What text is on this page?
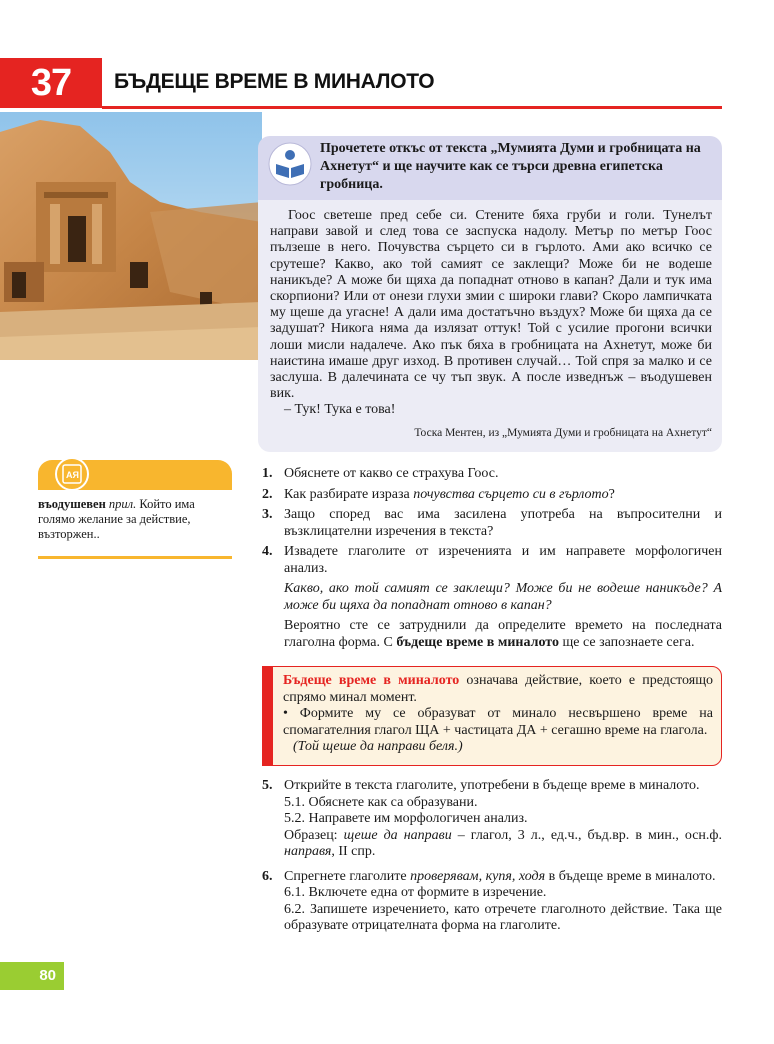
37	БЪДЕЩЕ ВРЕМЕ В МИНАЛОТО
Прочетете откъс от текста „Мумията Думи и гробницата на Ахнетут“ и ще научите как се търси древна египетска гробница.

Гоос светеше пред себе си. Стените бяха груби и голи. Тунелът направи завой и след това се заспуска надолу. Метър по метър Гоос пълзеше в него. Почувства сърцето си в гърлото. Ами ако всичко се срутеше? Какво, ако той самият се заклещи? Може би не водеше наникъде? А може би щяха да попаднат отново в капан? Дали и тук има скорпиони? Или от онези глухи змии с широки глави? Скоро лампичката му щеше да угасне! А дали има достатъчно въздух? Може би щяха да се задушат? Никога няма да излязат оттук! Той с усилие прогони всички лоши мисли надалече. Ако пък бяха в гробницата на Ахнетут, може би наистина имаше друг изход. В противен случай… Той спря за малко и се заслуша. В далечината се чу тъп звук. А после изведнъж – въодушевен вик.

– Тук! Тука е това!

Тоска Ментен, из „Мумията Думи и гробницата на Ахнетут“
AЯ
въодушевен прил. Който има голямо желание за действие, възторжен..
1. Обяснете от какво се страхува Гоос.
2. Как разбирате израза почувства сърцето си в гърлото?
3. Защо според вас има засилена употреба на въпросителни и възклицателни изречения в текста?
4. Извадете глаголите от изреченията и им направете морфологичен анализ.

Какво, ако той самият се заклещи? Може би не водеше наникъде? А може би щяха да попаднат отново в капан?

Вероятно сте се затруднили да определите времето на последната глаголна форма. С бъдеще време в миналото ще се запознаете сега.

Бъдеще време в миналото означава действие, което е предстоящо спрямо минал момент.

• Формите му се образуват от минало несвършено време на спомагателния глагол ЩА + частицата ДА + сегашно време на глагола.

(Той щеше да направи беля.)

5. Открийте в текста глаголите, употребени в бъдеще време в миналото.

5.1. Обяснете как са образувани.

5.2. Направете им морфологичен анализ.

Образец: щеше да направи – глагол, 3 л., ед.ч., бъд.вр. в мин., осн.ф. направя, II спр.

6. Спрегнете глаголите проверявам, купя, ходя в бъдеще време в миналото.

6.1. Включете една от формите в изречение.

6.2. Запишете изречението, като отречете глаголното действие. Така ще образувате отрицателната форма на глаголите.

80
